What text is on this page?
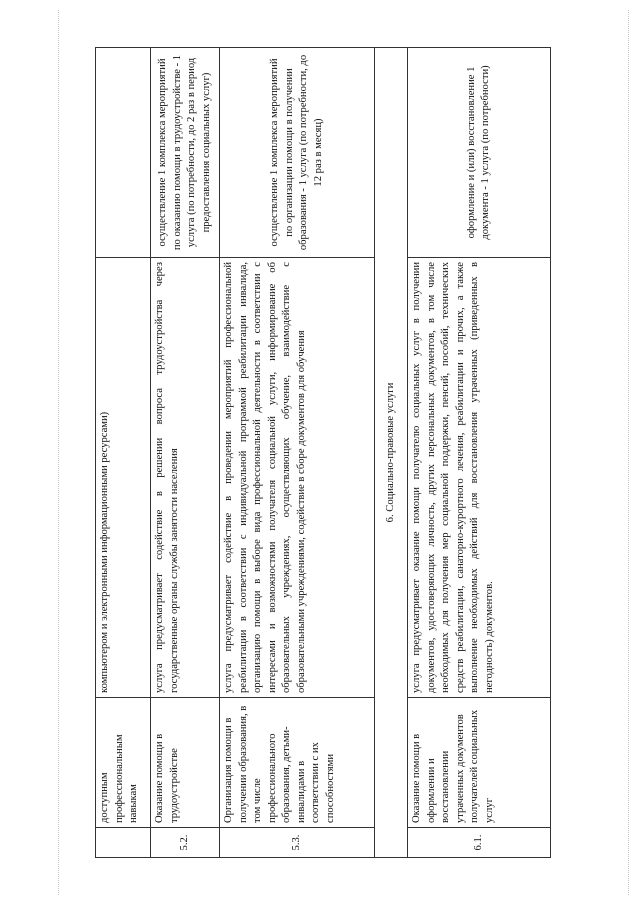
	доступным профессиональным навыкам	компьютером и электронными информационными ресурсами)	
5.2.	Оказание помощи в трудоустройстве	услуга предусматривает содействие в решении вопроса трудоустройства через государственные органы службы занятости населения	осуществление 1 комплекса мероприятий по оказанию помощи в трудоустройстве - 1 услуга (по потребности, до 2 раз в период предоставления социальных услуг)
5.3.	Организация помощи в получении образования, в том числе профессионального образования, детьми-инвалидами в соответствии с их способностями	услуга предусматривает содействие в проведении мероприятий профессиональной реабилитации в соответствии с индивидуальной программой реабилитации инвалида, организацию помощи в выборе вида профессиональной деятельности в соответствии с интересами и возможностями получателя социальной услуги, информирование об образовательных учреждениях, осуществляющих обучение, взаимодействие с образовательными учреждениями, содействие в сборе документов для обучения	осуществление 1 комплекса мероприятий по организации помощи в получении образования - 1 услуга (по потребности, до 12 раз в месяц)
6. Социально-правовые услуги			
6.1.	Оказание помощи в оформлении и восстановлении утраченных документов получателей социальных услуг	услуга предусматривает оказание помощи получателю социальных услуг в получении документов, удостоверяющих личность, других персональных документов, в том числе необходимых для получения мер социальной поддержки, пенсий, пособий, технических средств реабилитации, санаторно-курортного лечения, реабилитации и прочих, а также выполнение необходимых действий для восстановления утраченных (приведенных в негодность) документов.	оформление и (или) восстановление 1 документа - 1 услуга (по потребности)
